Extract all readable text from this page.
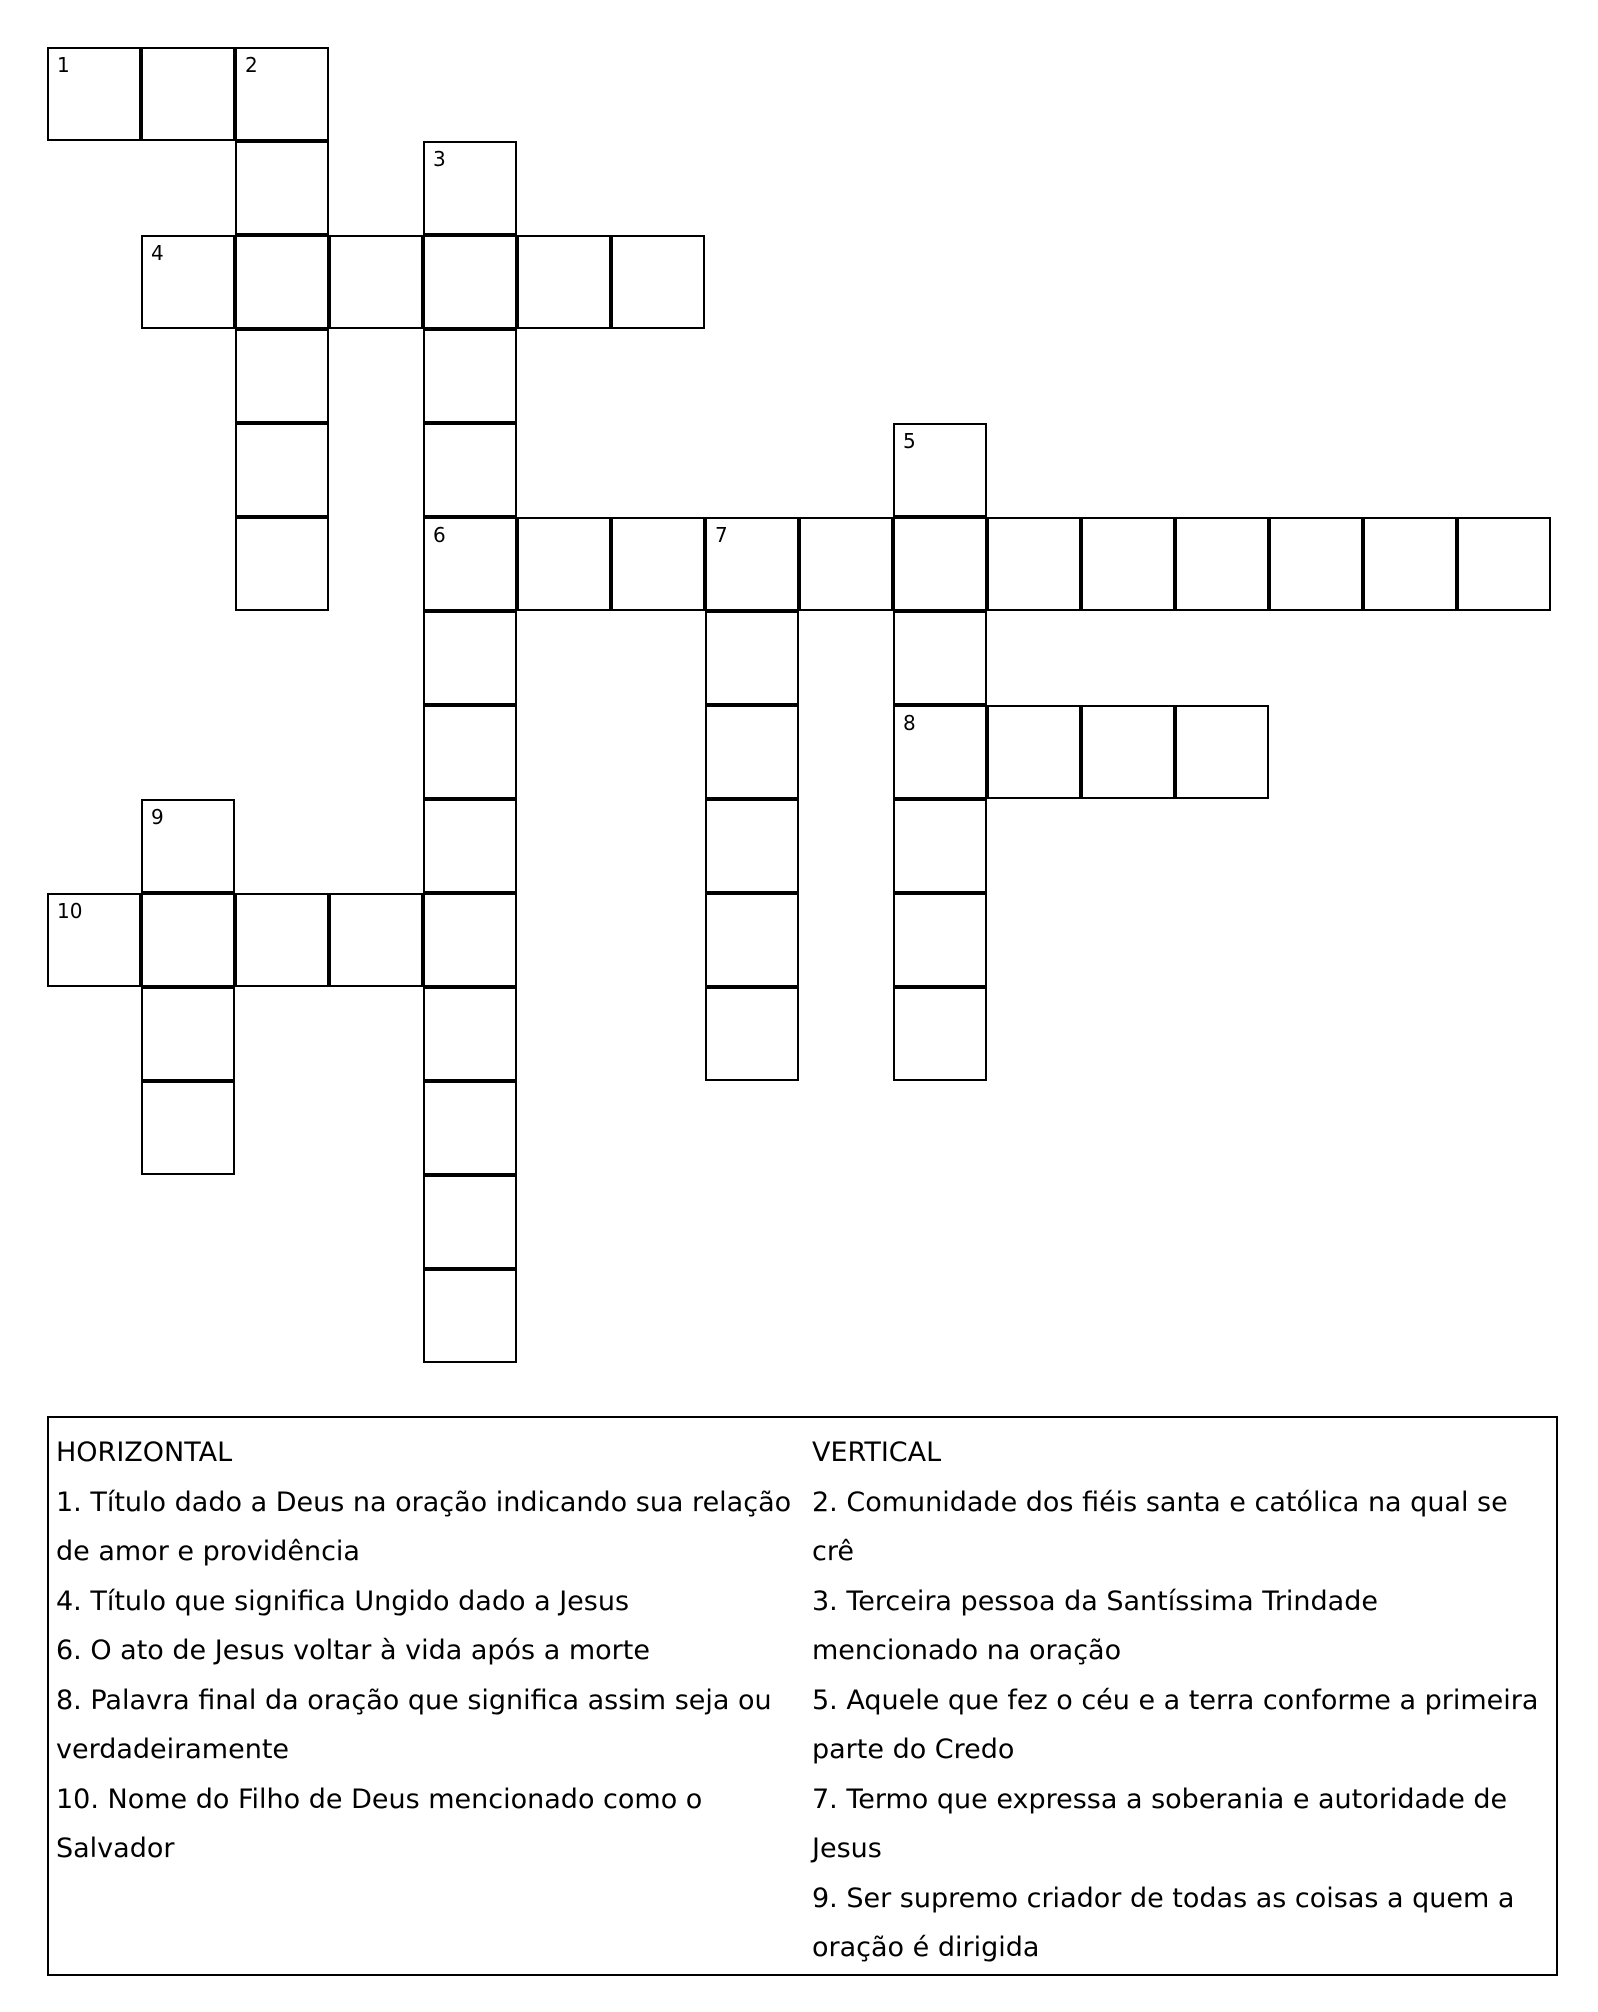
1	2
3
6
4
5
8
7
9
10
HORIZONTAL
1. Título dado a Deus na oração indicando sua relação de amor e providência
4. Título que significa Ungido dado a Jesus
6. O ato de Jesus voltar à vida após a morte
8. Palavra final da oração que significa assim seja ou verdadeiramente
10. Nome do Filho de Deus mencionado como o Salvador
VERTICAL
2. Comunidade dos fiéis santa e católica na qual se crê
3. Terceira pessoa da Santíssima Trindade mencionado na oração
5. Aquele que fez o céu e a terra conforme a primeira parte do Credo
7. Termo que expressa a soberania e autoridade de Jesus
9. Ser supremo criador de todas as coisas a quem a oração é dirigida
